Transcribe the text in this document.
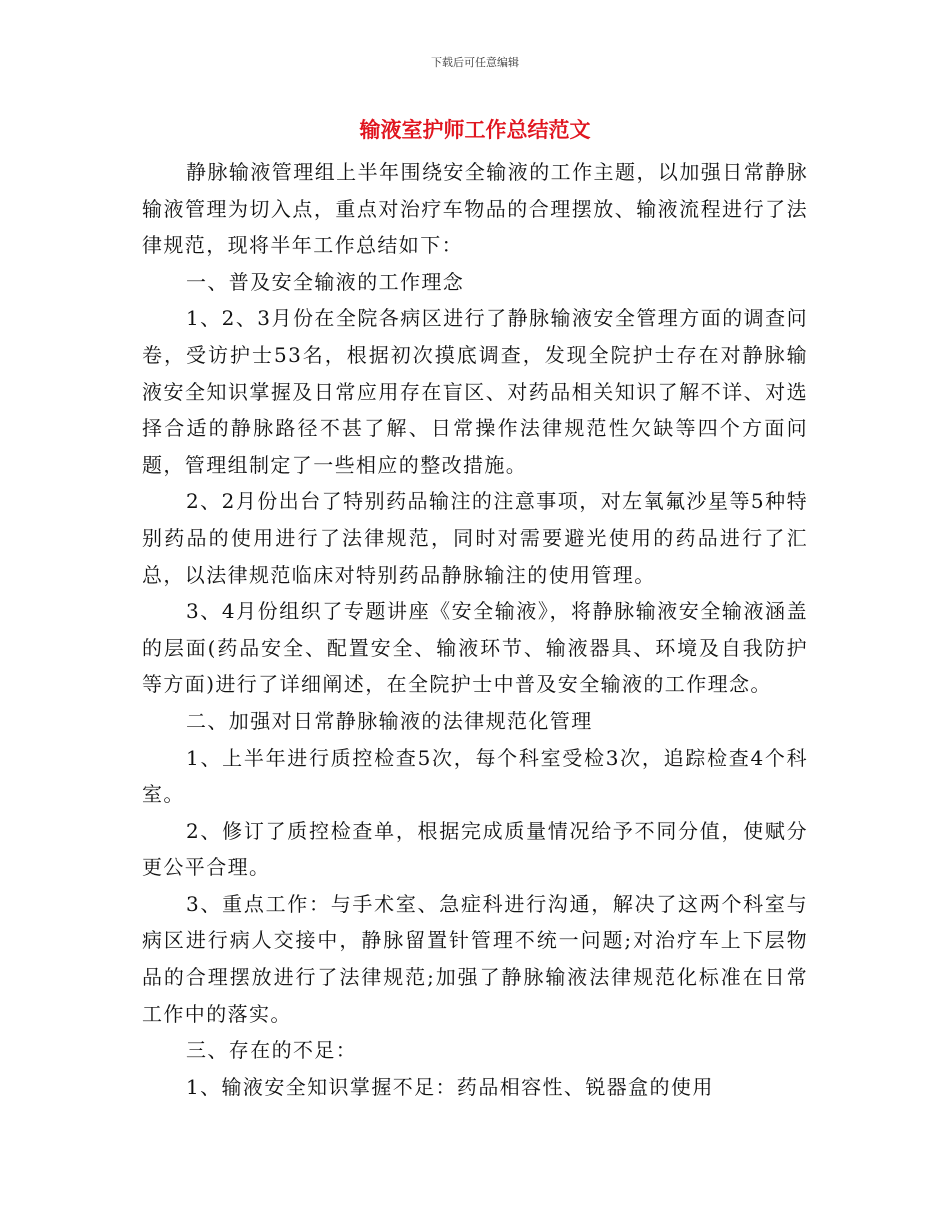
下载后可任意编辑
输液室护师工作总结范文

静脉输液管理组上半年围绕安全输液的工作主题，以加强日常静脉输液管理为切入点，重点对治疗车物品的合理摆放、输液流程进行了法律规范，现将半年工作总结如下：

一、普及安全输液的工作理念

1、2、3月份在全院各病区进行了静脉输液安全管理方面的调查问卷，受访护士53名，根据初次摸底调查，发现全院护士存在对静脉输液安全知识掌握及日常应用存在盲区、对药品相关知识了解不详、对选择合适的静脉路径不甚了解、日常操作法律规范性欠缺等四个方面问题，管理组制定了一些相应的整改措施。

2、2月份出台了特别药品输注的注意事项，对左氧氟沙星等5种特别药品的使用进行了法律规范，同时对需要避光使用的药品进行了汇总，以法律规范临床对特别药品静脉输注的使用管理。

3、4月份组织了专题讲座《安全输液》，将静脉输液安全输液涵盖的层面(药品安全、配置安全、输液环节、输液器具、环境及自我防护等方面)进行了详细阐述，在全院护士中普及安全输液的工作理念。

二、加强对日常静脉输液的法律规范化管理

1、上半年进行质控检查5次，每个科室受检3次，追踪检查4个科室。

2、修订了质控检查单，根据完成质量情况给予不同分值，使赋分更公平合理。

3、重点工作：与手术室、急症科进行沟通，解决了这两个科室与病区进行病人交接中，静脉留置针管理不统一问题;对治疗车上下层物品的合理摆放进行了法律规范;加强了静脉输液法律规范化标准在日常工作中的落实。

三、存在的不足：

1、输液安全知识掌握不足：药品相容性、锐器盒的使用
